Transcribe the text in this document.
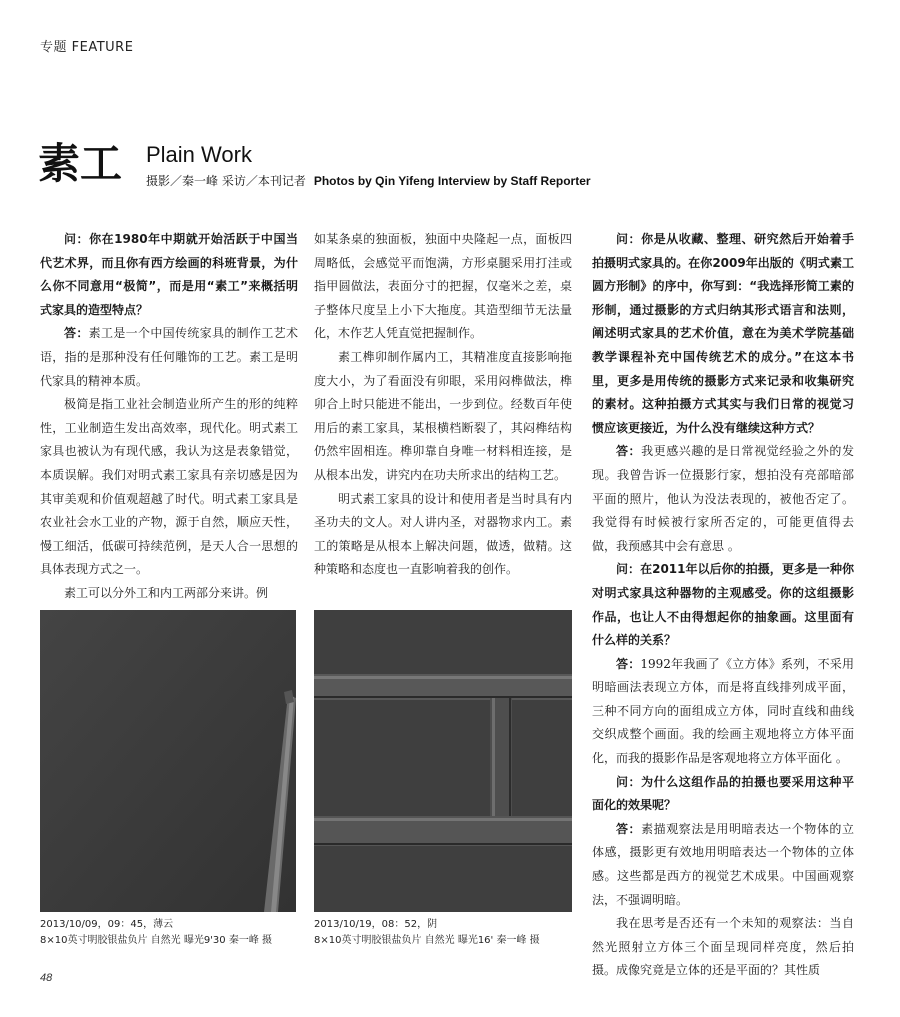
专题 FEATURE
素工 Plain Work
摄影／秦一峰 采访／本刊记者 Photos by Qin Yifeng Interview by Staff Reporter

问：你在1980年中期就开始活跃于中国当代艺术界，而且你有西方绘画的科班背景，为什么你不同意用“极简”，而是用“素工”来概括明式家具的造型特点？

答：素工是一个中国传统家具的制作工艺术语，指的是那种没有任何雕饰的工艺。素工是明代家具的精神本质。

极简是指工业社会制造业所产生的形的纯粹性，工业制造生发出高效率，现代化。明式素工家具也被认为有现代感，我认为这是表象错觉，本质误解。我们对明式素工家具有亲切感是因为其审美观和价值观超越了时代。明式素工家具是农业社会水工业的产物，源于自然，顺应天性，慢工细活，低碳可持续范例，是天人合一思想的具体表现方式之一。

素工可以分外工和内工两部分来讲。例

如某条桌的独面板，独面中央隆起一点，面板四周略低，会感觉平而饱满，方形桌腿采用打洼或指甲圆做法，表面分寸的把握，仅毫米之差，桌子整体尺度呈上小下大拖度。其造型细节无法量化，木作艺人凭直觉把握制作。

素工榫卯制作属内工，其精准度直接影响拖度大小，为了看面没有卯眼，采用闷榫做法，榫卯合上时只能进不能出，一步到位。经数百年使用后的素工家具，某根横档断裂了，其闷榫结构仍然牢固相连。榫卯靠自身唯一材料相连接，是从根本出发，讲究内在功夫所求出的结构工艺。

明式素工家具的设计和使用者是当时具有内圣功夫的文人。对人讲内圣，对器物求内工。素工的策略是从根本上解决问题，做透，做精。这种策略和态度也一直影响着我的创作。

问：你是从收藏、整理、研究然后开始着手拍摄明式家具的。在你2009年出版的《明式素工圆方形制》的序中，你写到：“我选择形简工素的形制，通过摄影的方式归纳其形式语言和法则，阐述明式家具的艺术价值，意在为美术学院基础教学课程补充中国传统艺术的成分。”在这本书里，更多是用传统的摄影方式来记录和收集研究的素材。这种拍摄方式其实与我们日常的视觉习惯应该更接近，为什么没有继续这种方式？

答：我更感兴趣的是日常视觉经验之外的发现。我曾告诉一位摄影行家，想拍没有亮部暗部平面的照片，他认为没法表现的，被他否定了。我觉得有时候被行家所否定的，可能更值得去做，我预感其中会有意思 。

问：在2011年以后你的拍摄，更多是一种你对明式家具这种器物的主观感受。你的这组摄影作品，也让人不由得想起你的抽象画。这里面有什么样的关系？

答：1992年我画了《立方体》系列，不采用明暗画法表现立方体，而是将直线排列成平面，三种不同方向的面组成立方体，同时直线和曲线交织成整个画面。我的绘画主观地将立方体平面化，而我的摄影作品是客观地将立方体平面化 。

问：为什么这组作品的拍摄也要采用这种平面化的效果呢？

答：素描观察法是用明暗表达一个物体的立体感，摄影更有效地用明暗表达一个物体的立体感。这些都是西方的视觉艺术成果。中国画观察法，不强调明暗。

我在思考是否还有一个未知的观察法：当自然光照射立方体三个面呈现同样亮度，然后拍摄。成像究竟是立体的还是平面的？其性质

2013/10/09，09：45，薄云
8×10英寸明胶银盐负片 自然光 曝光9'30 秦一峰 摄
2013/10/19，08：52，阴
8×10英寸明胶银盐负片 自然光 曝光16' 秦一峰 摄
48
